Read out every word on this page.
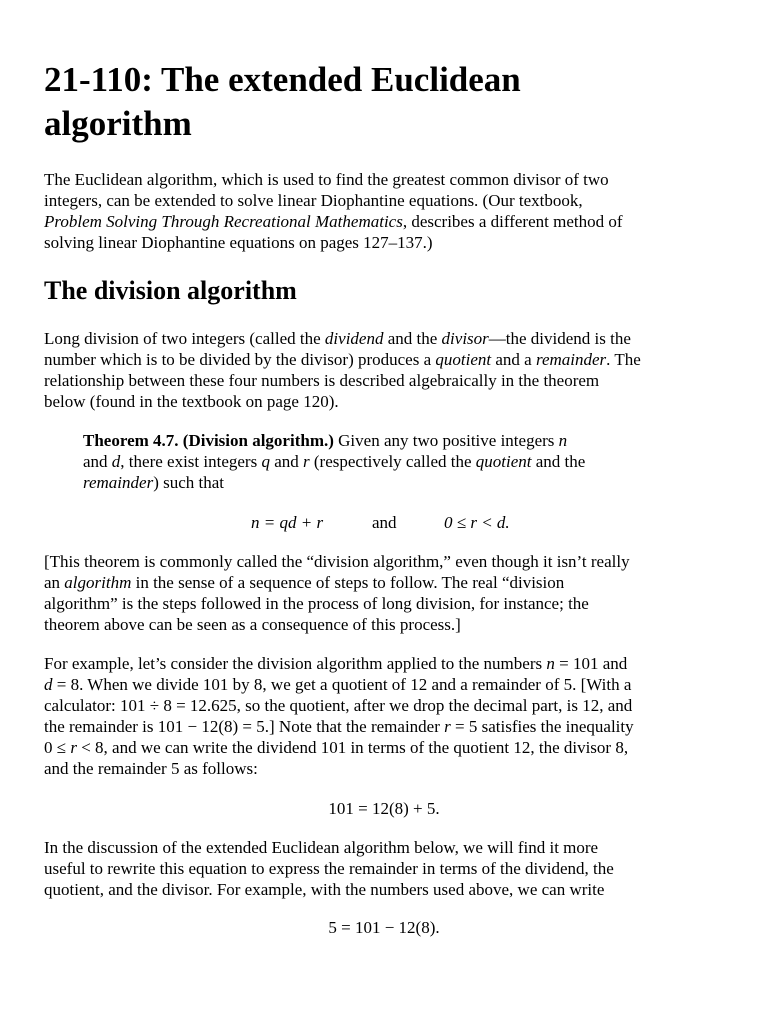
21-110: The extended Euclidean
algorithm

The Euclidean algorithm, which is used to find the greatest common divisor of two
integers, can be extended to solve linear Diophantine equations. (Our textbook,
Problem Solving Through Recreational Mathematics, describes a different method of
solving linear Diophantine equations on pages 127–137.)

The division algorithm

Long division of two integers (called the dividend and the divisor—the dividend is the
number which is to be divided by the divisor) produces a quotient and a remainder. The
relationship between these four numbers is described algebraically in the theorem
below (found in the textbook on page 120).

Theorem 4.7. (Division algorithm.) Given any two positive integers n
and d, there exist integers q and r (respectively called the quotient and the
remainder) such that

n = qd + r	and	0 ≤ r < d.

[This theorem is commonly called the “division algorithm,” even though it isn’t really
an algorithm in the sense of a sequence of steps to follow. The real “division
algorithm” is the steps followed in the process of long division, for instance; the
theorem above can be seen as a consequence of this process.]

For example, let’s consider the division algorithm applied to the numbers n = 101 and
d = 8. When we divide 101 by 8, we get a quotient of 12 and a remainder of 5. [With a
calculator: 101 ÷ 8 = 12.625, so the quotient, after we drop the decimal part, is 12, and
the remainder is 101 − 12(8) = 5.] Note that the remainder r = 5 satisfies the inequality
0 ≤ r < 8, and we can write the dividend 101 in terms of the quotient 12, the divisor 8,
and the remainder 5 as follows:

101 = 12(8) + 5.

In the discussion of the extended Euclidean algorithm below, we will find it more
useful to rewrite this equation to express the remainder in terms of the dividend, the
quotient, and the divisor. For example, with the numbers used above, we can write

5 = 101 − 12(8).
